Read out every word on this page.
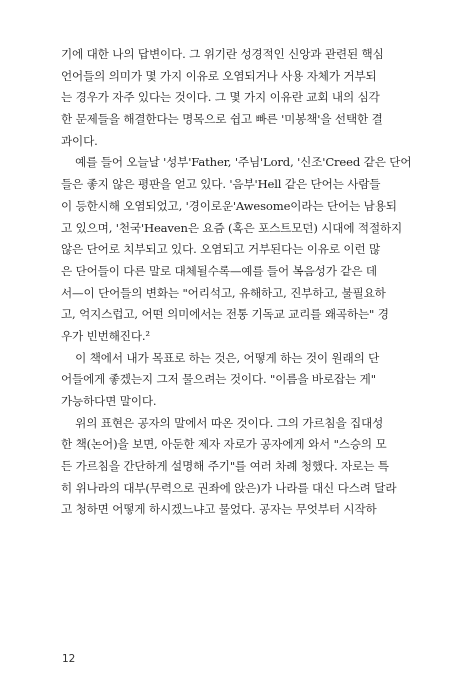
기에 대한 나의 답변이다. 그 위기란 성경적인 신앙과 관련된 핵심
언어들의 의미가 몇 가지 이유로 오염되거나 사용 자체가 거부되
는 경우가 자주 있다는 것이다. 그 몇 가지 이유란 교회 내의 심각
한 문제들을 해결한다는 명목으로 쉽고 빠른 '미봉책'을 선택한 결
과이다.
예를 들어 오늘날 '성부'Father, '주님'Lord, '신조'Creed 같은 단어
들은 좋지 않은 평판을 얻고 있다. '음부'Hell 같은 단어는 사람들
이 등한시해 오염되었고, '경이로운'Awesome이라는 단어는 남용되
고 있으며, '천국'Heaven은 요즘 (혹은 포스트모던) 시대에 적절하지
않은 단어로 치부되고 있다. 오염되고 거부된다는 이유로 이런 많
은 단어들이 다른 말로 대체될수록—예를 들어 복음성가 같은 데
서—이 단어들의 변화는 "어리석고, 유해하고, 진부하고, 불필요하
고, 억지스럽고, 어떤 의미에서는 전통 기독교 교리를 왜곡하는" 경
우가 빈번해진다.²
이 책에서 내가 목표로 하는 것은, 어떻게 하는 것이 원래의 단
어들에게 좋겠는지 그저 물으려는 것이다. "이름을 바로잡는 게"
가능하다면 말이다.
위의 표현은 공자의 말에서 따온 것이다. 그의 가르침을 집대성
한 책(논어)을 보면, 아둔한 제자 자로가 공자에게 와서 "스승의 모
든 가르침을 간단하게 설명해 주기"를 여러 차례 청했다. 자로는 특
히 위나라의 대부(무력으로 권좌에 앉은)가 나라를 대신 다스려 달라
고 청하면 어떻게 하시겠느냐고 물었다. 공자는 무엇부터 시작하
12
